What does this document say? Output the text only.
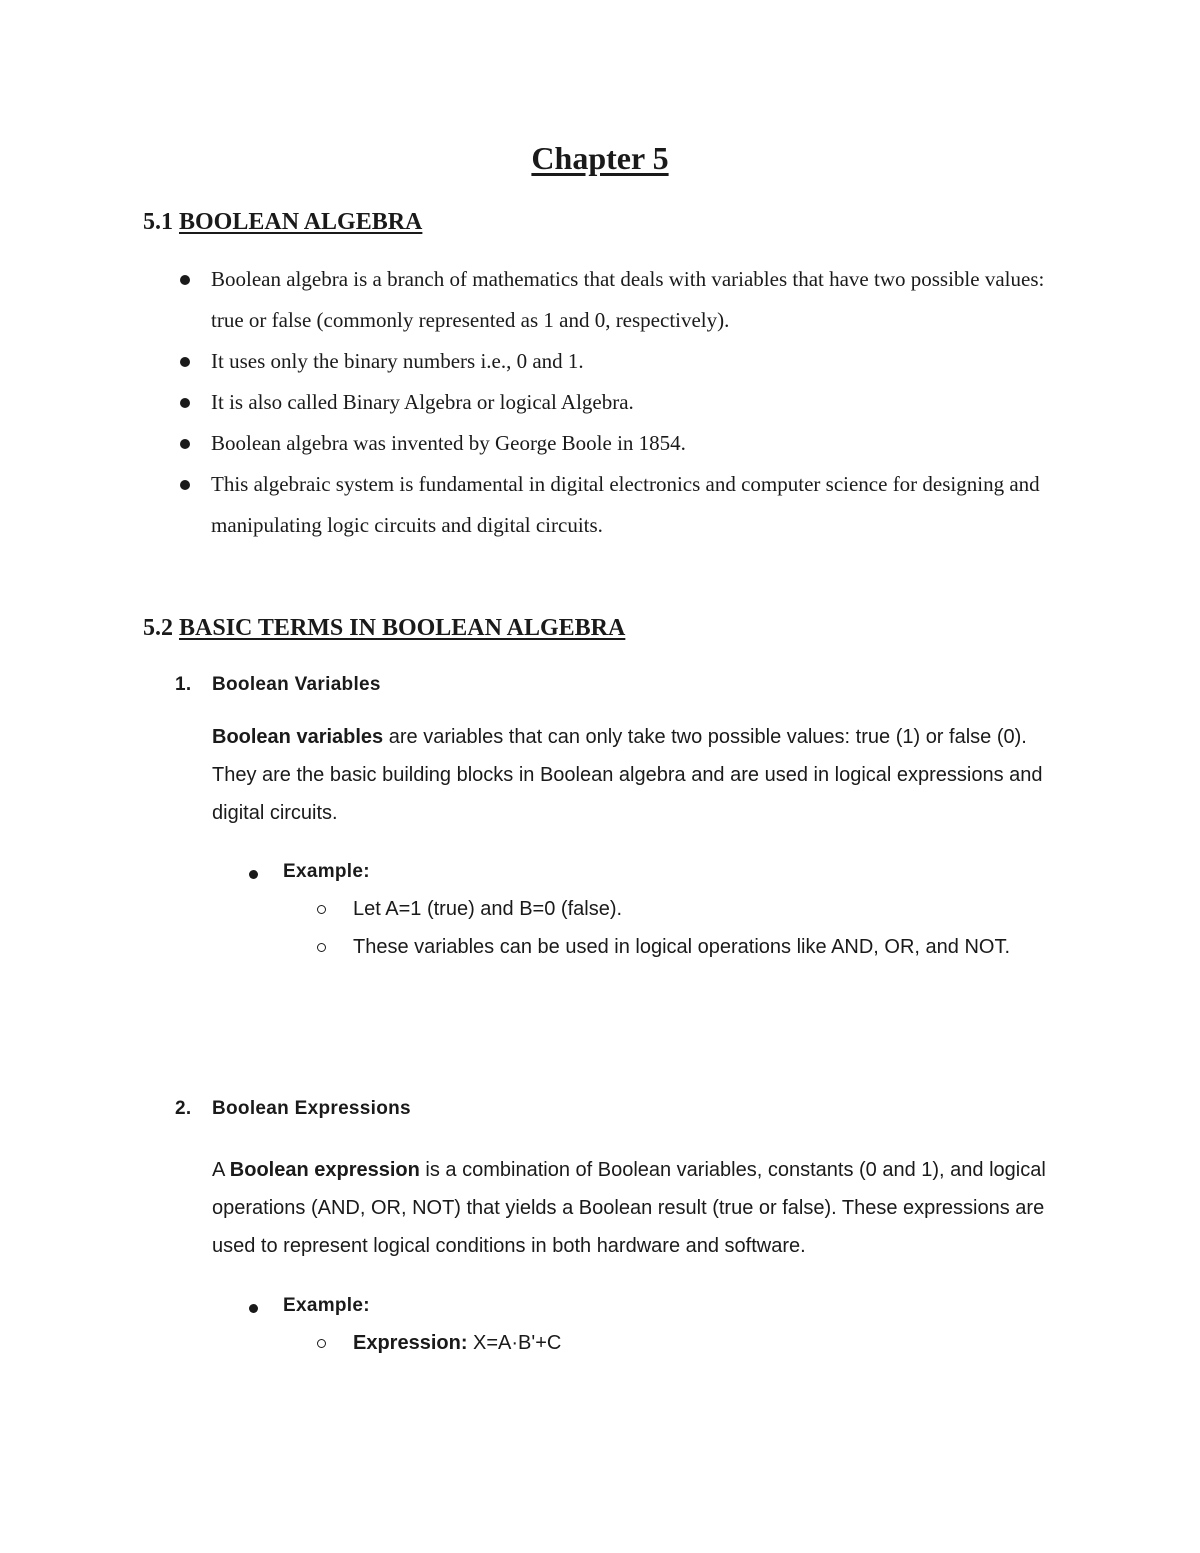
Chapter 5
5.1 BOOLEAN ALGEBRA
Boolean algebra is a branch of mathematics that deals with variables that have two possible values: true or false (commonly represented as 1 and 0, respectively).
It uses only the binary numbers i.e., 0 and 1.
It is also called Binary Algebra or logical Algebra.
Boolean algebra was invented by George Boole in 1854.
This algebraic system is fundamental in digital electronics and computer science for designing and manipulating logic circuits and digital circuits.
5.2 BASIC TERMS IN BOOLEAN ALGEBRA
1. Boolean Variables
Boolean variables are variables that can only take two possible values: true (1) or false (0). They are the basic building blocks in Boolean algebra and are used in logical expressions and digital circuits.
Example:
Let A=1 (true) and B=0 (false).
These variables can be used in logical operations like AND, OR, and NOT.
2. Boolean Expressions
A Boolean expression is a combination of Boolean variables, constants (0 and 1), and logical operations (AND, OR, NOT) that yields a Boolean result (true or false). These expressions are used to represent logical conditions in both hardware and software.
Example:
Expression: X=A·B'+C
